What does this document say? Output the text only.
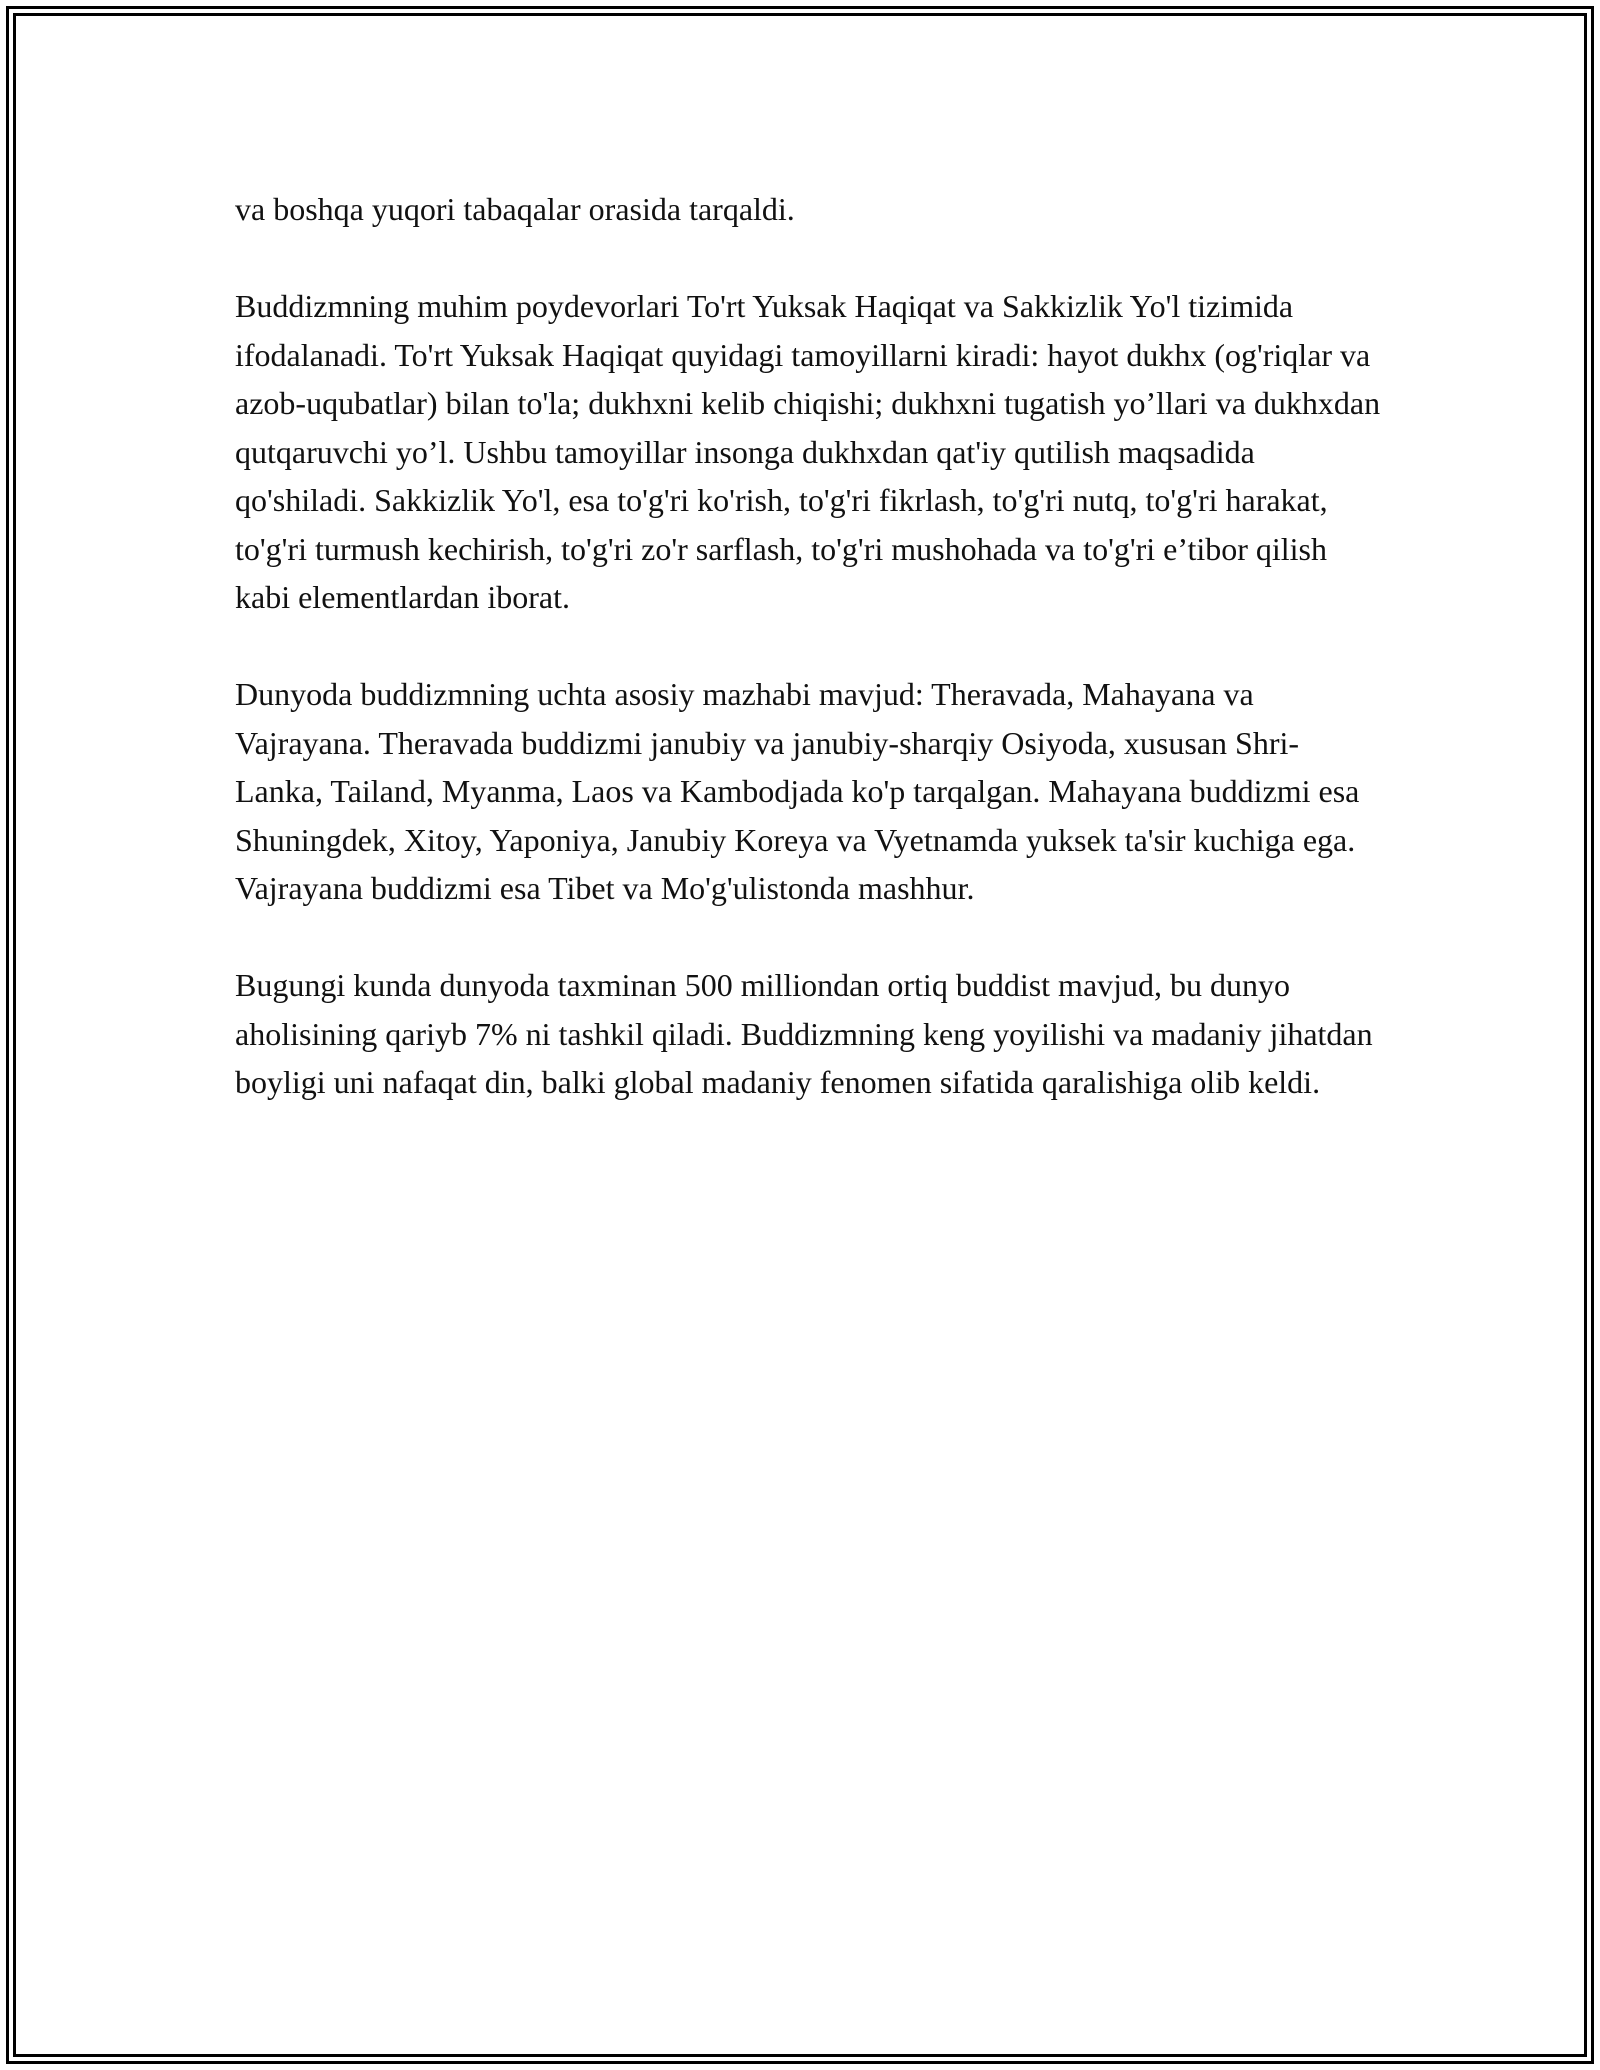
va boshqa yuqori tabaqalar orasida tarqaldi.

Buddizmning muhim poydevorlari To'rt Yuksak Haqiqat va Sakkizlik Yo'l tizimida ifodalanadi. To'rt Yuksak Haqiqat quyidagi tamoyillarni kiradi: hayot dukhx (og'riqlar va azob-uqubatlar) bilan to'la; dukhxni kelib chiqishi; dukhxni tugatish yo’llari va dukhxdan qutqaruvchi yo’l. Ushbu tamoyillar insonga dukhxdan qat'iy qutilish maqsadida qo'shiladi. Sakkizlik Yo'l, esa to'g'ri ko'rish, to'g'ri fikrlash, to'g'ri nutq, to'g'ri harakat, to'g'ri turmush kechirish, to'g'ri zo'r sarflash, to'g'ri mushohada va to'g'ri e’tibor qilish kabi elementlardan iborat.

Dunyoda buddizmning uchta asosiy mazhabi mavjud: Theravada, Mahayana va Vajrayana. Theravada buddizmi janubiy va janubiy-sharqiy Osiyoda, xususan Shri-Lanka, Tailand, Myanma, Laos va Kambodjada ko'p tarqalgan. Mahayana buddizmi esa Shuningdek, Xitoy, Yaponiya, Janubiy Koreya va Vyetnamda yuksek ta'sir kuchiga ega. Vajrayana buddizmi esa Tibet va Mo'g'ulistonda mashhur.

Bugungi kunda dunyoda taxminan 500 milliondan ortiq buddist mavjud, bu dunyo aholisining qariyb 7% ni tashkil qiladi. Buddizmning keng yoyilishi va madaniy jihatdan boyligi uni nafaqat din, balki global madaniy fenomen sifatida qaralishiga olib keldi.
